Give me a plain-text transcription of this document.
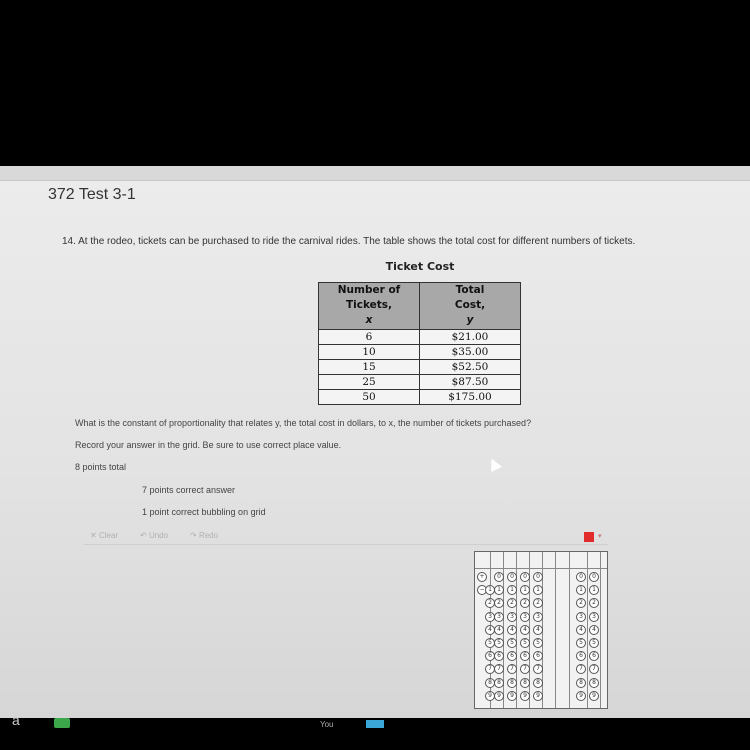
372 Test 3-1
14. At the rodeo, tickets can be purchased to ride the carnival rides. The table shows the total cost for different numbers of tickets.
Ticket Cost
Number of
Tickets,
x	Total
Cost,
y

6	$21.00
10	$35.00
15	$52.50
25	$87.50
50	$175.00
What is the constant of proportionality that relates y, the total cost in dollars, to x, the number of tickets purchased?
Record your answer in the grid. Be sure to use correct place value.
8 points total
7 points correct answer
1 point correct bubbling on grid
✕ Clear	↶ Undo	↷ Redo	▾
+
−
0
1
2
3
4
5
6
7
8
9
0
1
2
3
4
5
6
7
8
9
0
1
2
3
4
5
6
7
8
9
0
1
2
3
4
5
6
7
8
9
0
1
2
3
4
5
6
7
8
9
0
1
2
3
4
5
6
7
8
9
1
2
3
4
5
6
7
8
9
a	You
